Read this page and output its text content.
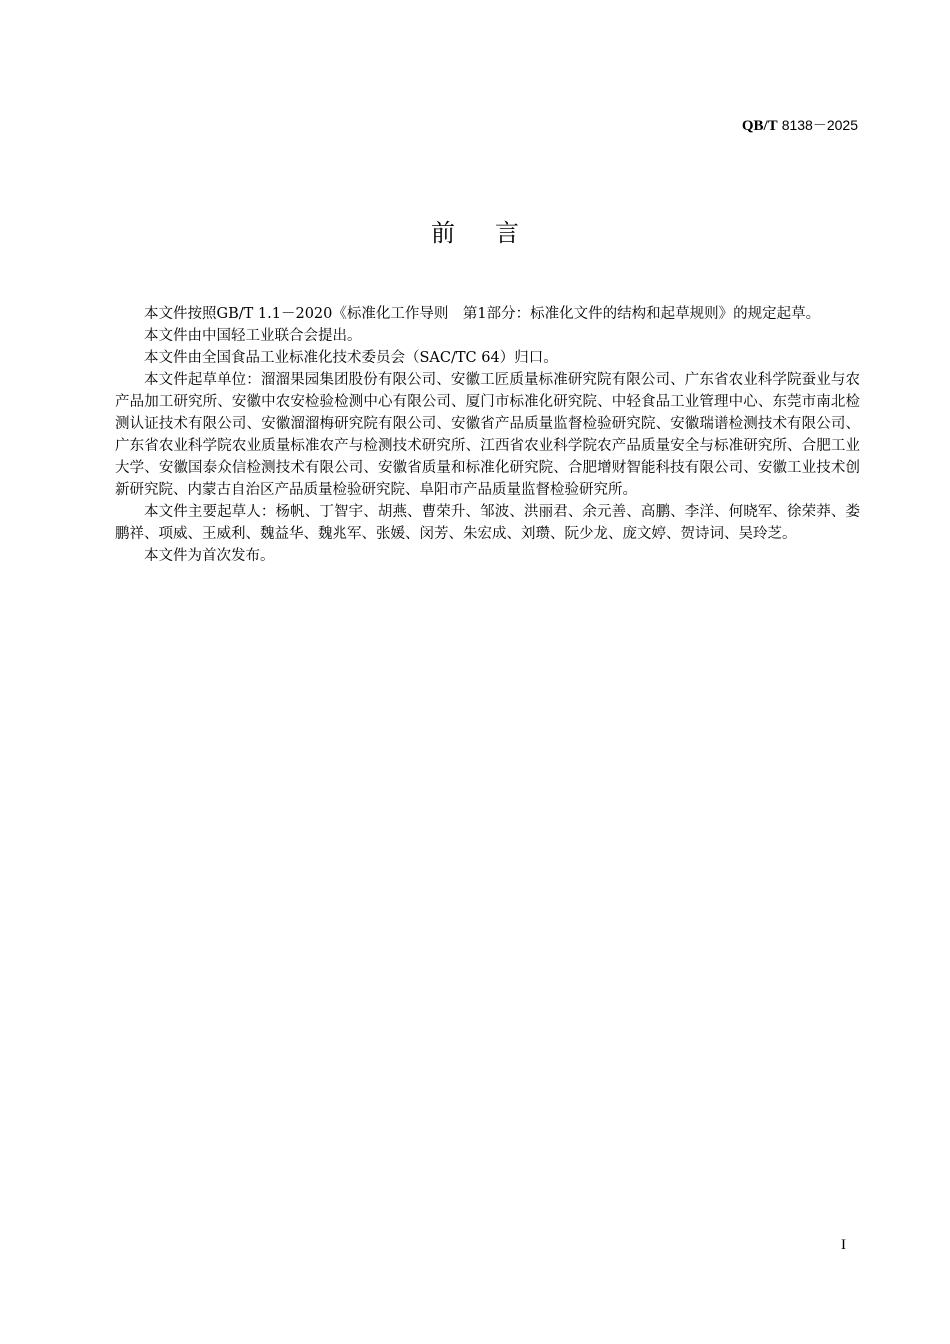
QB/T 8138－2025
前言

本文件按照GB/T 1.1－2020《标准化工作导则　第1部分：标准化文件的结构和起草规则》的规定起草。

本文件由中国轻工业联合会提出。

本文件由全国食品工业标准化技术委员会（SAC/TC 64）归口。

本文件起草单位：溜溜果园集团股份有限公司、安徽工匠质量标准研究院有限公司、广东省农业科学院蚕业与农产品加工研究所、安徽中农安检验检测中心有限公司、厦门市标准化研究院、中轻食品工业管理中心、东莞市南北检测认证技术有限公司、安徽溜溜梅研究院有限公司、安徽省产品质量监督检验研究院、安徽瑞谱检测技术有限公司、广东省农业科学院农业质量标准农产与检测技术研究所、江西省农业科学院农产品质量安全与标准研究所、合肥工业大学、安徽国泰众信检测技术有限公司、安徽省质量和标准化研究院、合肥增财智能科技有限公司、安徽工业技术创新研究院、内蒙古自治区产品质量检验研究院、阜阳市产品质量监督检验研究所。

本文件主要起草人：杨帆、丁智宇、胡燕、曹荣升、邹波、洪丽君、余元善、高鹏、李洋、何晓军、徐荣莽、娄鹏祥、项威、王威利、魏益华、魏兆军、张媛、闵芳、朱宏成、刘瓒、阮少龙、庞文婷、贺诗词、吴玲芝。

本文件为首次发布。

I
